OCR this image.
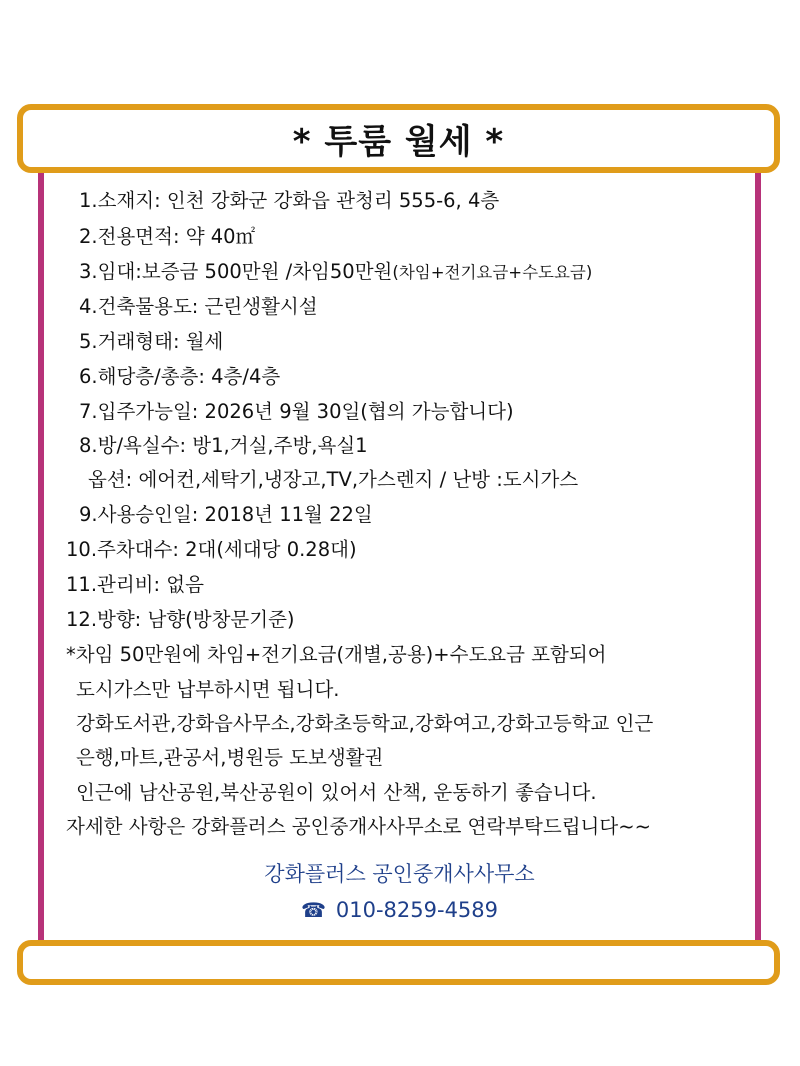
* 투룸 월세 *
1.소재지: 인천 강화군 강화읍 관청리 555-6, 4층
2.전용면적: 약 40㎡
3.임대:보증금 500만원 /차임50만원(차임+전기요금+수도요금)
4.건축물용도: 근린생활시설
5.거래형태: 월세
6.해당층/총층: 4층/4층
7.입주가능일: 2026년 9월 30일(협의 가능합니다)
8.방/욕실수: 방1,거실,주방,욕실1
옵션: 에어컨,세탁기,냉장고,TV,가스렌지 / 난방 :도시가스
9.사용승인일: 2018년 11월 22일
10.주차대수: 2대(세대당 0.28대)
11.관리비: 없음
12.방향: 남향(방창문기준)
*차임 50만원에 차임+전기요금(개별,공용)+수도요금 포함되어
도시가스만 납부하시면 됩니다.
강화도서관,강화읍사무소,강화초등학교,강화여고,강화고등학교 인근
은행,마트,관공서,병원등 도보생활권
인근에 남산공원,북산공원이 있어서 산책, 운동하기 좋습니다.
자세한 사항은 강화플러스 공인중개사사무소로 연락부탁드립니다~~
강화플러스 공인중개사사무소
☎ 010-8259-4589
